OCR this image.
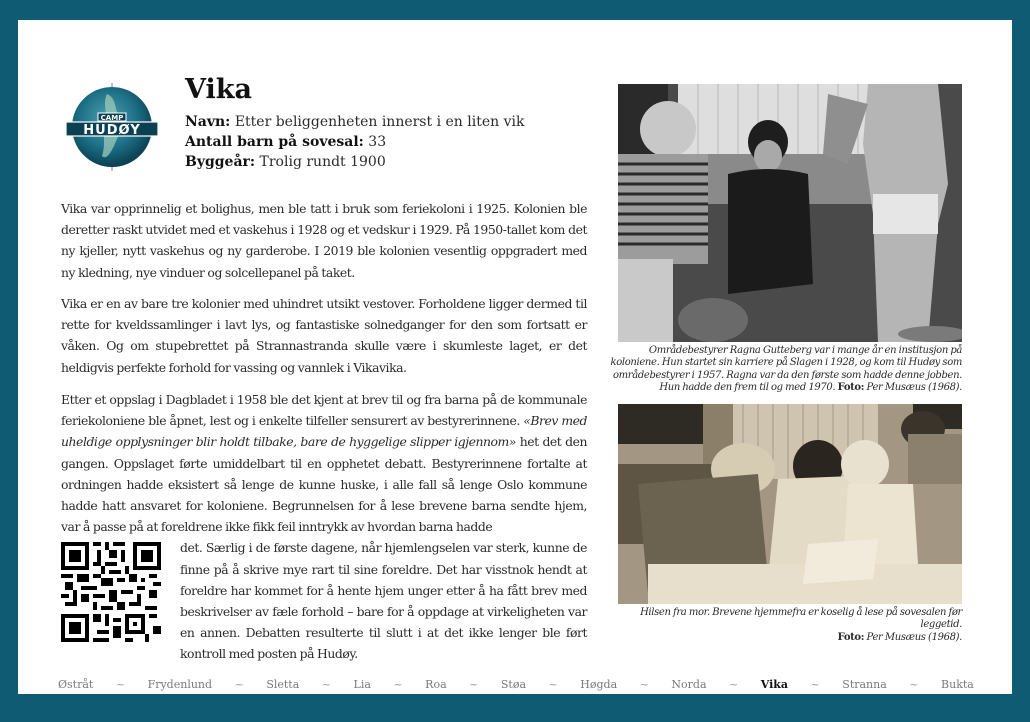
CAMP
HUDØY
Vika
Navn: Etter beliggenheten innerst i en liten vik
Antall barn på sovesal: 33
Byggeår: Trolig rundt 1900
Vika var opprinnelig et bolighus, men ble tatt i bruk som feriekoloni i 1925. Kolonien ble deretter raskt utvidet med et vaskehus i 1928 og et vedskur i 1929. På 1950-tallet kom det ny kjeller, nytt vaskehus og ny garderobe. I 2019 ble kolonien vesentlig oppgradert med ny kledning, nye vinduer og solcellepanel på taket.
Vika er en av bare tre kolonier med uhindret utsikt vestover. Forholdene ligger dermed til rette for kveldssamlinger i lavt lys, og fantastiske solnedganger for den som fortsatt er våken. Og om stupebrettet på Strannastranda skulle være i skumleste laget, er det heldigvis perfekte forhold for vassing og vannlek i Vikavika.
Etter et oppslag i Dagbladet i 1958 ble det kjent at brev til og fra barna på de kommunale feriekoloniene ble åpnet, lest og i enkelte tilfeller sensurert av bestyrerinnene. «Brev med uheldige opplysninger blir holdt tilbake, bare de hyggelige slipper igjennom» het det den gangen. Oppslaget førte umiddelbart til en opphetet debatt. Bestyrerinnene fortalte at ordningen hadde eksistert så lenge de kunne huske, i alle fall så lenge Oslo kommune hadde hatt ansvaret for koloniene. Begrunnelsen for å lese brevene barna sendte hjem, var å passe på at foreldrene ikke fikk feil inntrykk av hvordan barna hadde
det. Særlig i de første dagene, når hjemlengselen var sterk, kunne de finne på å skrive mye rart til sine foreldre. Det har visstnok hendt at foreldre har kommet for å hente hjem unger etter å ha fått brev med beskrivelser av fæle forhold – bare for å oppdage at virkeligheten var en annen. Debatten resulterte til slutt i at det ikke lenger ble ført kontroll med posten på Hudøy.
Områdebestyrer Ragna Gutteberg var i mange år en institusjon på koloniene. Hun startet sin karriere på Slagen i 1928, og kom til Hudøy som områdebestyrer i 1957. Ragna var da den første som hadde denne jobben. Hun hadde den frem til og med 1970. Foto: Per Musæus (1968).
Hilsen fra mor. Brevene hjemmefra er koselig å lese på sovesalen før leggetid.
Foto: Per Musæus (1968).
Østråt ~ Frydenlund ~ Sletta ~ Lia ~ Roa ~ Støa ~ Høgda ~ Norda ~ Vika ~ Stranna ~ Bukta
